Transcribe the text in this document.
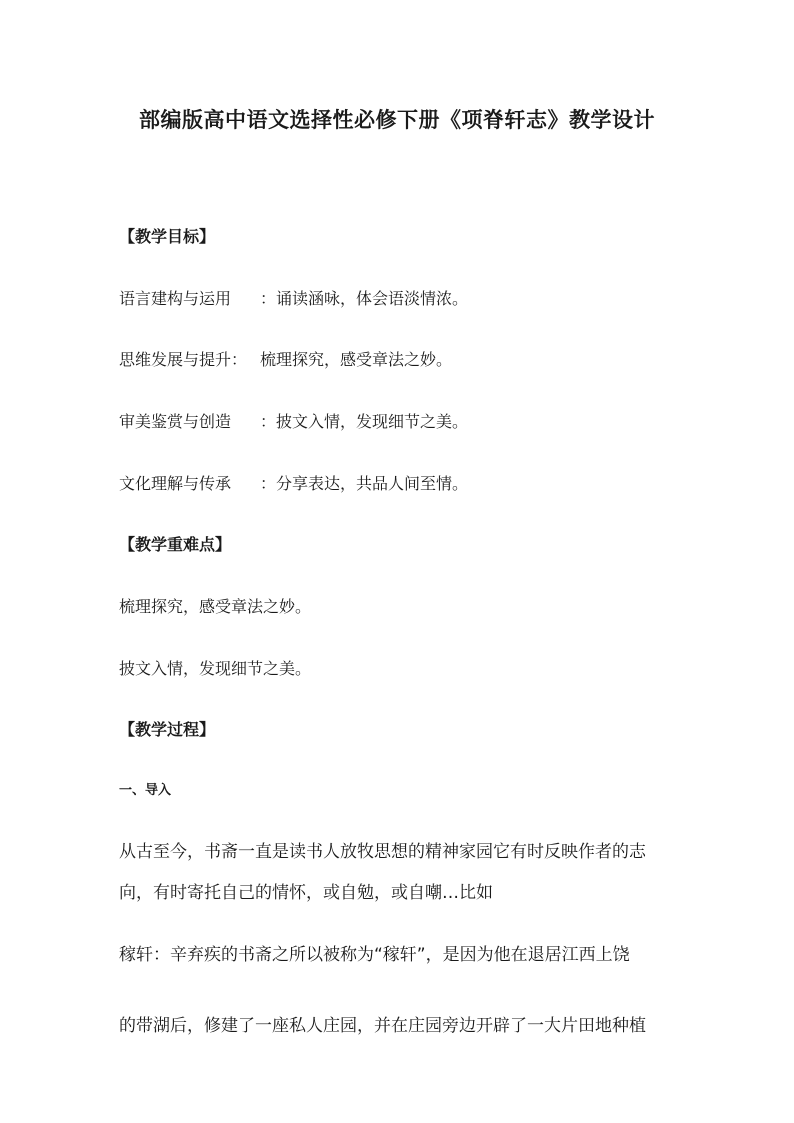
部编版高中语文选择性必修下册《项脊轩志》教学设计
【教学目标】
语言建构与运用 ：诵读涵咏，体会语淡情浓。
思维发展与提升： 梳理探究，感受章法之妙。
审美鉴赏与创造 ：披文入情，发现细节之美。
文化理解与传承 ：分享表达，共品人间至情。
【教学重难点】
梳理探究，感受章法之妙。
披文入情，发现细节之美。
【教学过程】
一、导入
从古至今，书斋一直是读书人放牧思想的精神家园它有时反映作者的志
向，有时寄托自己的情怀，或自勉，或自嘲…比如
稼轩：辛弃疾的书斋之所以被称为“稼轩”，是因为他在退居江西上饶
的带湖后，修建了一座私人庄园，并在庄园旁边开辟了一大片田地种植
